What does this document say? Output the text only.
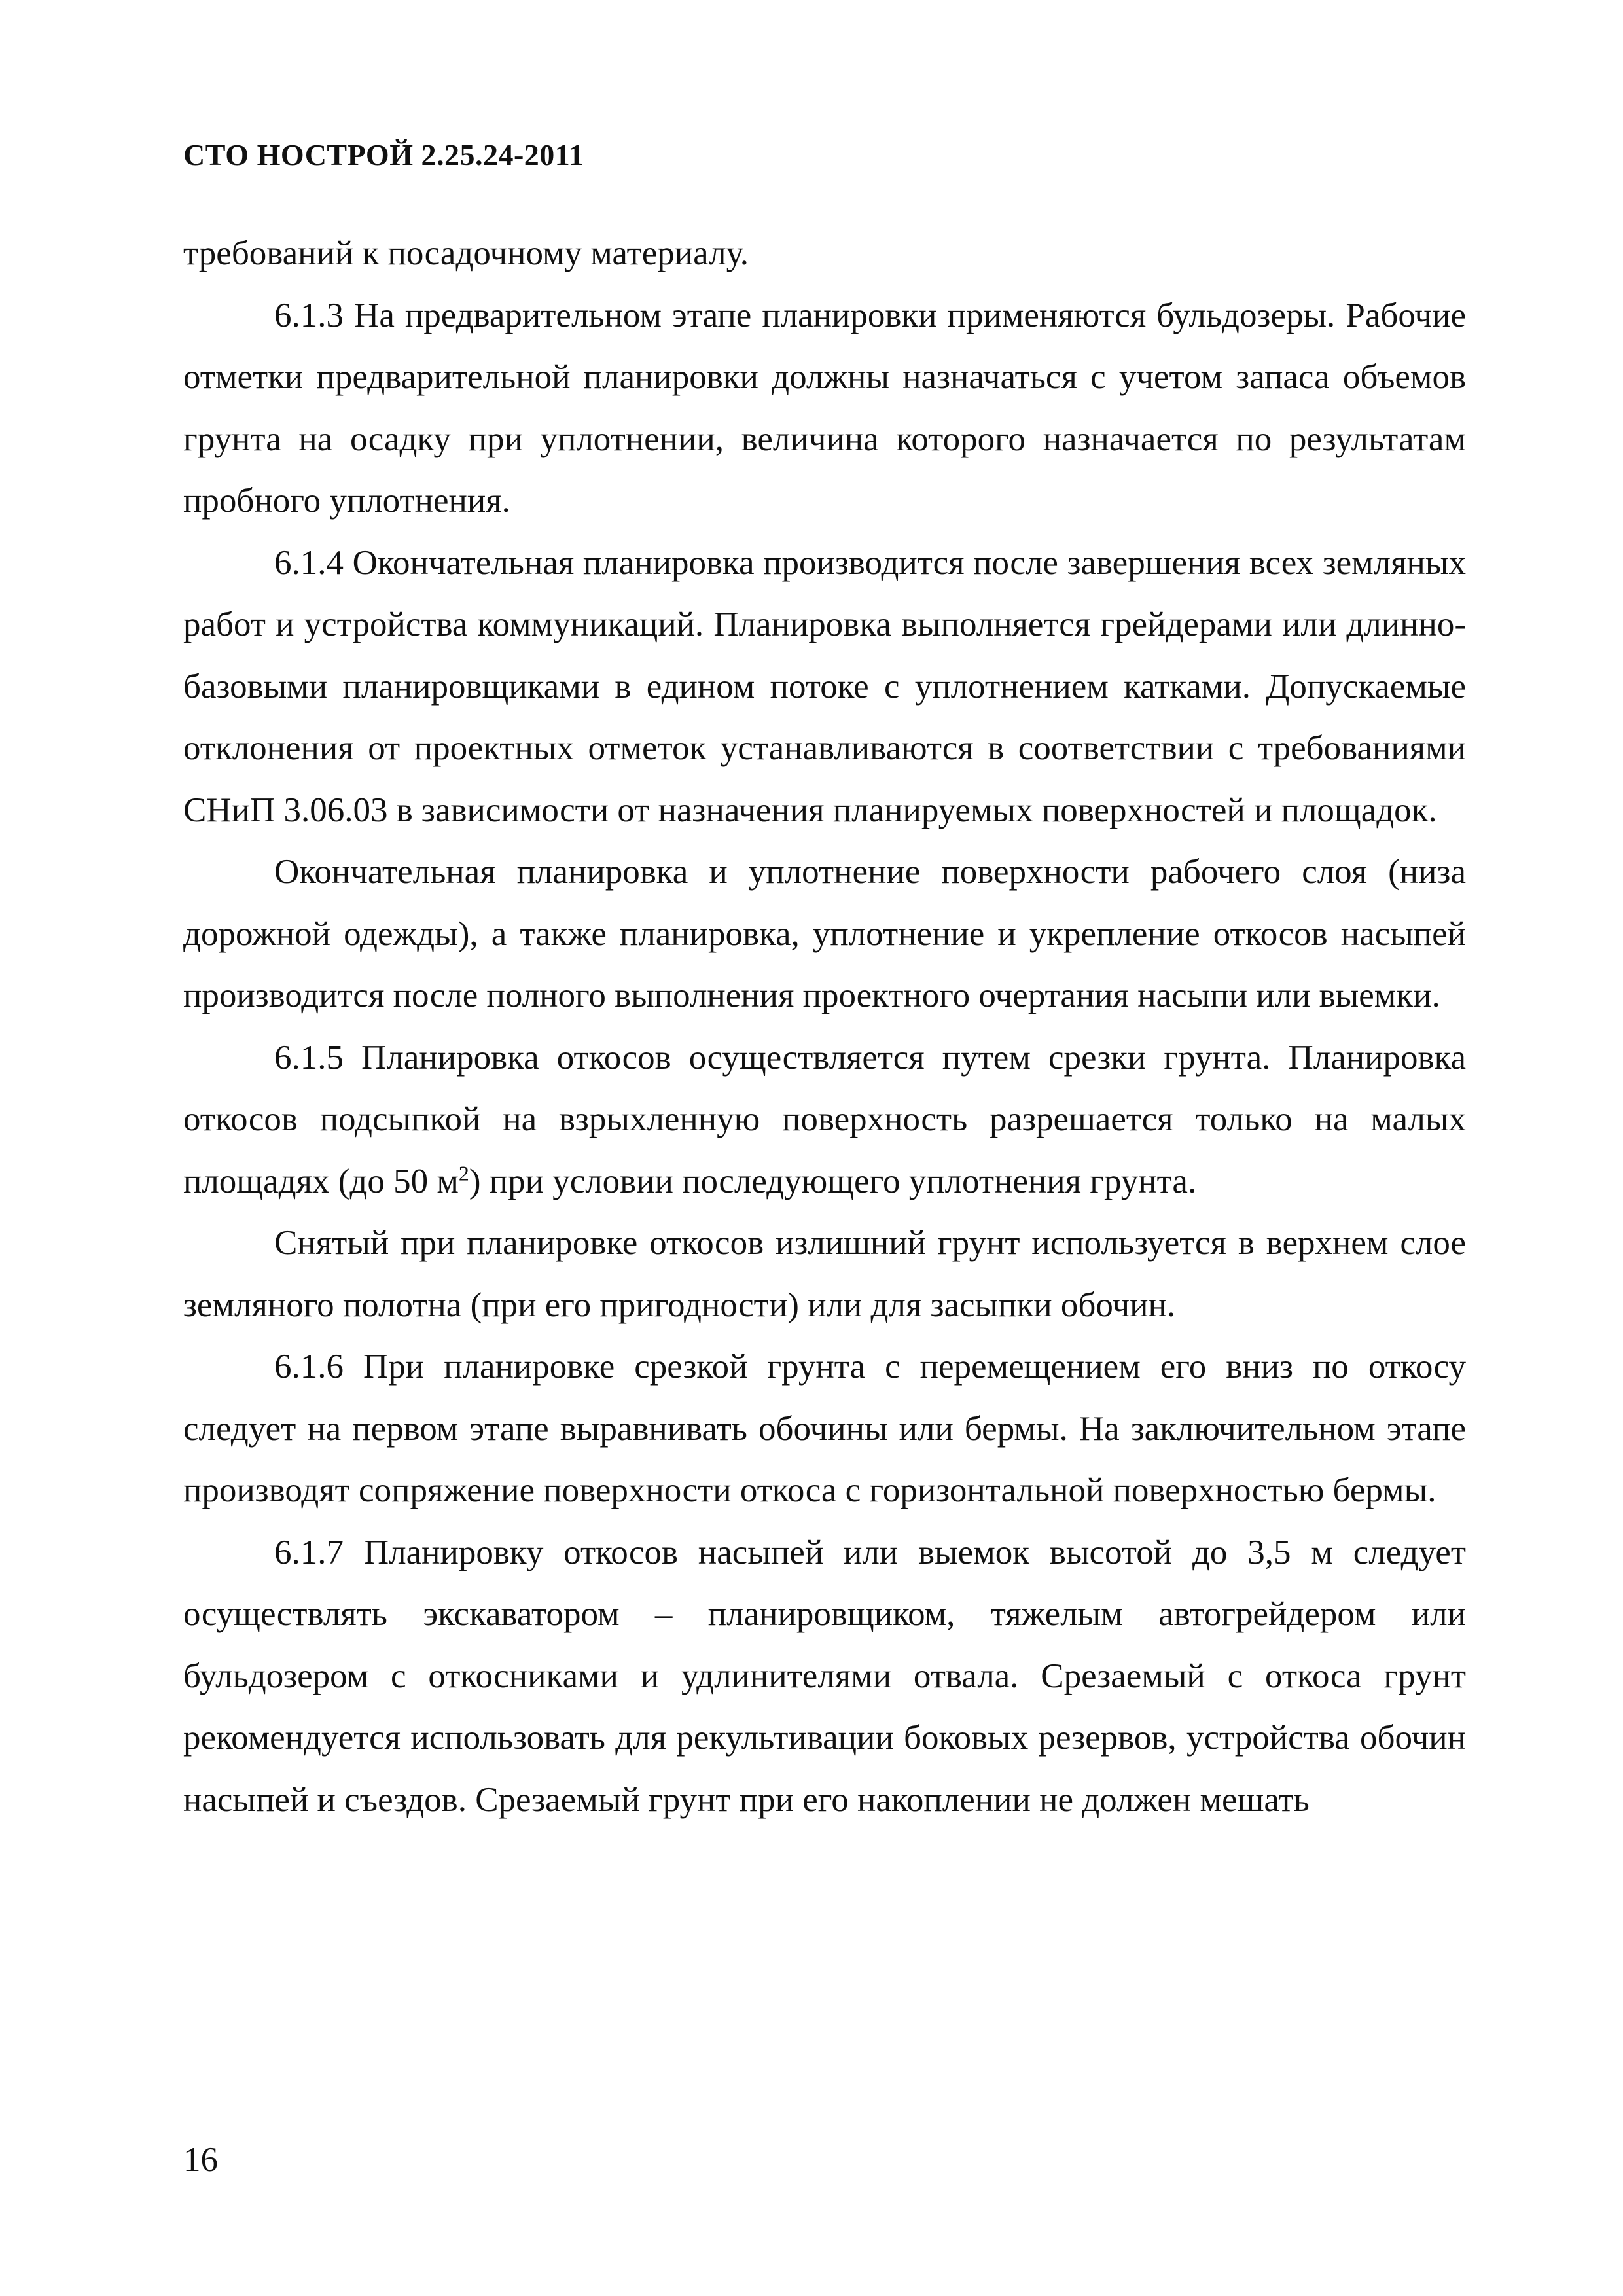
СТО НОСТРОЙ 2.25.24-2011

требований к посадочному материалу.

6.1.3 На предварительном этапе планировки применяются бульдозеры. Рабочие отметки предварительной планировки должны назначаться с учетом запаса объемов грунта на осадку при уплотнении, величина которого назначается по результатам пробного уплотнения.

6.1.4 Окончательная планировка производится после завершения всех земляных работ и устройства коммуникаций. Планировка выполняется грейдерами или длинно-базовыми планировщиками в едином потоке с уплотнением катками. Допускаемые отклонения от проектных отметок устанавливаются в соответствии с требованиями СНиП 3.06.03 в зависимости от назначения планируемых поверхностей и площадок.

Окончательная планировка и уплотнение поверхности рабочего слоя (низа дорожной одежды), а также планировка, уплотнение и укрепление откосов насыпей производится после полного выполнения проектного очертания насыпи или выемки.

6.1.5 Планировка откосов осуществляется путем срезки грунта. Планировка откосов подсыпкой на взрыхленную поверхность разрешается только на малых площадях (до 50 $м^2$) при условии последующего уплотнения грунта.

Снятый при планировке откосов излишний грунт используется в верхнем слое земляного полотна (при его пригодности) или для засыпки обочин.

6.1.6 При планировке срезкой грунта с перемещением его вниз по откосу следует на первом этапе выравнивать обочины или бермы. На заключительном этапе производят сопряжение поверхности откоса с горизонтальной поверхностью бермы.

6.1.7 Планировку откосов насыпей или выемок высотой до 3,5 м следует осуществлять экскаватором – планировщиком, тяжелым автогрейдером или бульдозером с откосниками и удлинителями отвала. Срезаемый с откоса грунт рекомендуется использовать для рекультивации боковых резервов, устройства обочин насыпей и съездов. Срезаемый грунт при его накоплении не должен мешать

16
